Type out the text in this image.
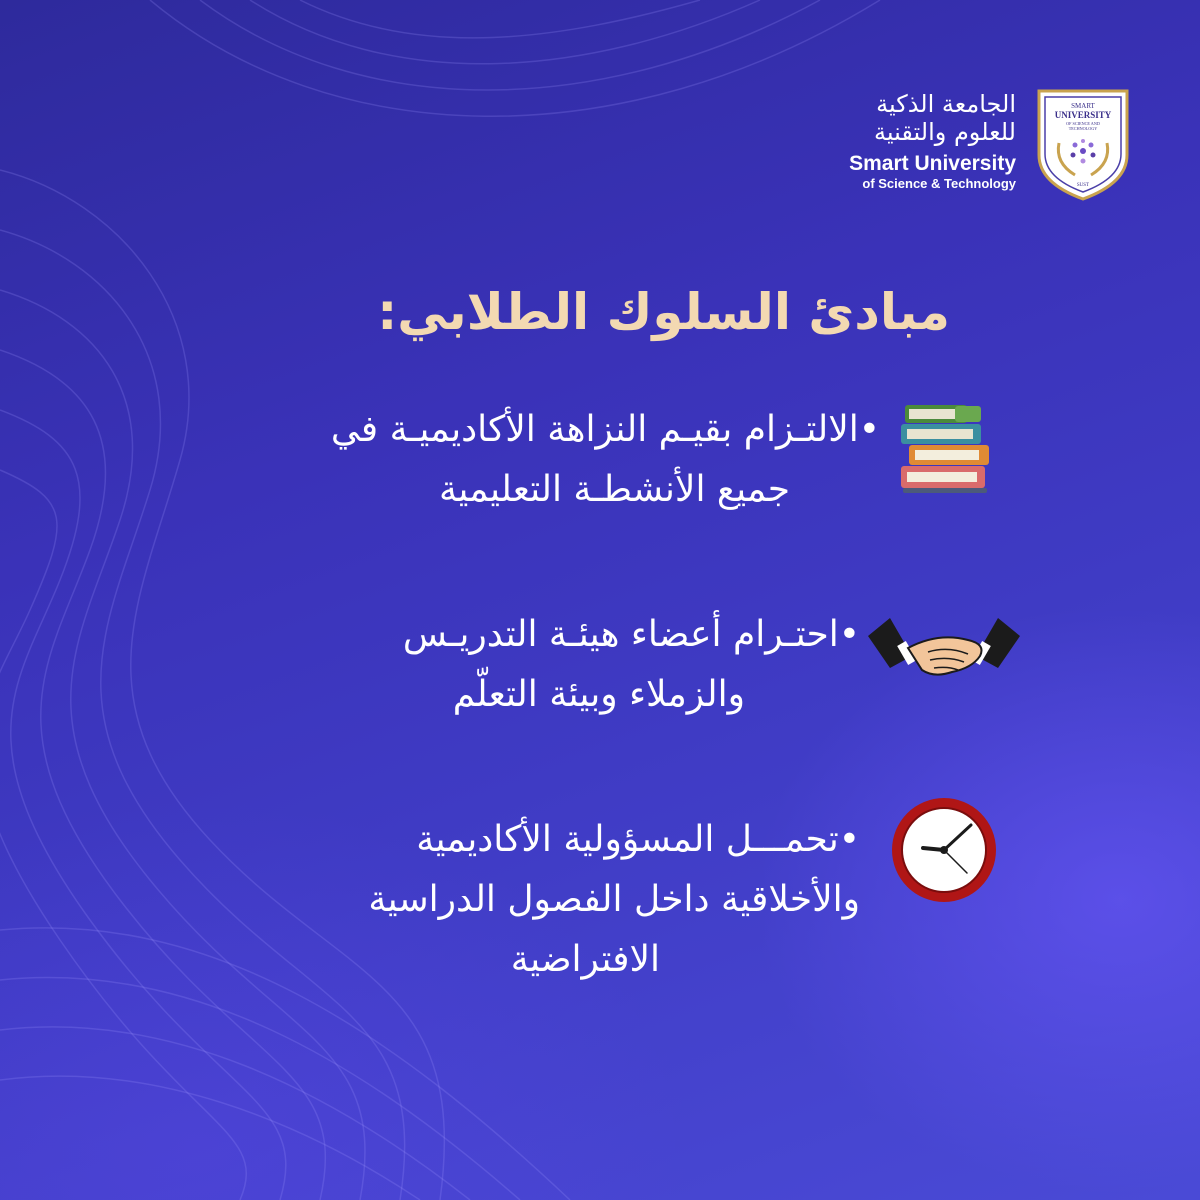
الجامعة الذكية
للعلوم والتقنية
Smart University
of Science & Technology
SMART
UNIVERSITY
OF SCIENCE AND
TECHNOLOGY
SUST
مبادئ السلوك الطلابي:
•الالتـزام بقيـم النزاهة الأكاديميـة في
جميع الأنشطـة التعليمية
•احتـرام أعضاء هيئـة التدريـس
والزملاء وبيئة التعلّم
•تحمـــل المسؤولية الأكاديمية
والأخلاقية داخل الفصول الدراسية
الافتراضية
